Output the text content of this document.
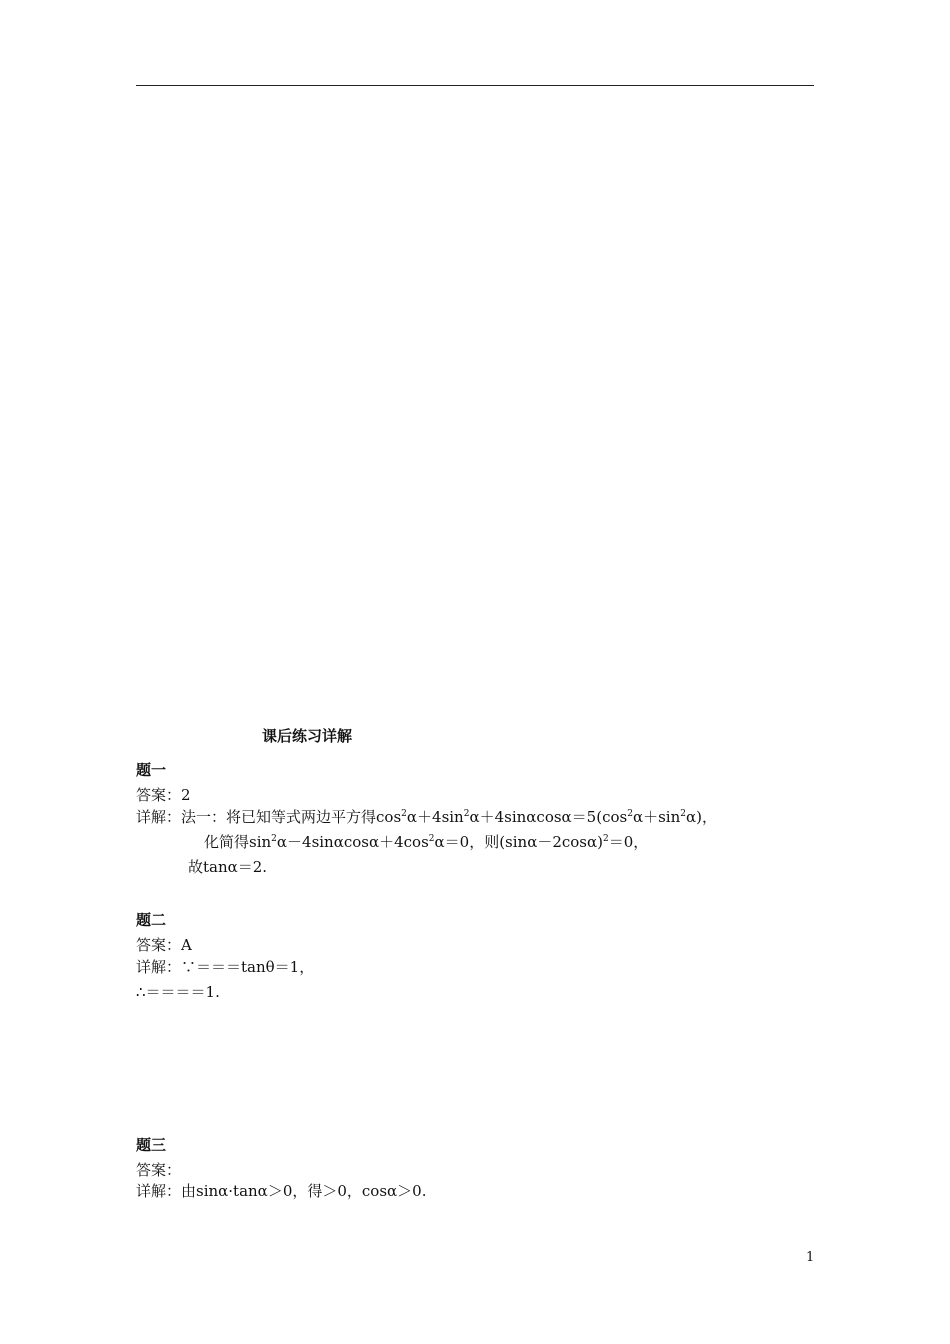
课后练习详解
题一
答案：2
详解：法一：将已知等式两边平方得$\cos^2\alpha+4\sin^2\alpha+4\sin\alpha\cos\alpha=5(\cos^2\alpha+\sin^2\alpha)$，
化简得$\sin^2\alpha-4\sin\alpha\cos\alpha+4\cos^2\alpha=0$，则$(\sin\alpha-2\cos\alpha)^2=0$，
故tanα＝2.
题二
答案：A
详解：∵＝＝＝tanθ＝1，
∴＝＝＝＝1.
题三
答案：
详解：由sinα·tanα＞0，得＞0，cosα＞0.
1
